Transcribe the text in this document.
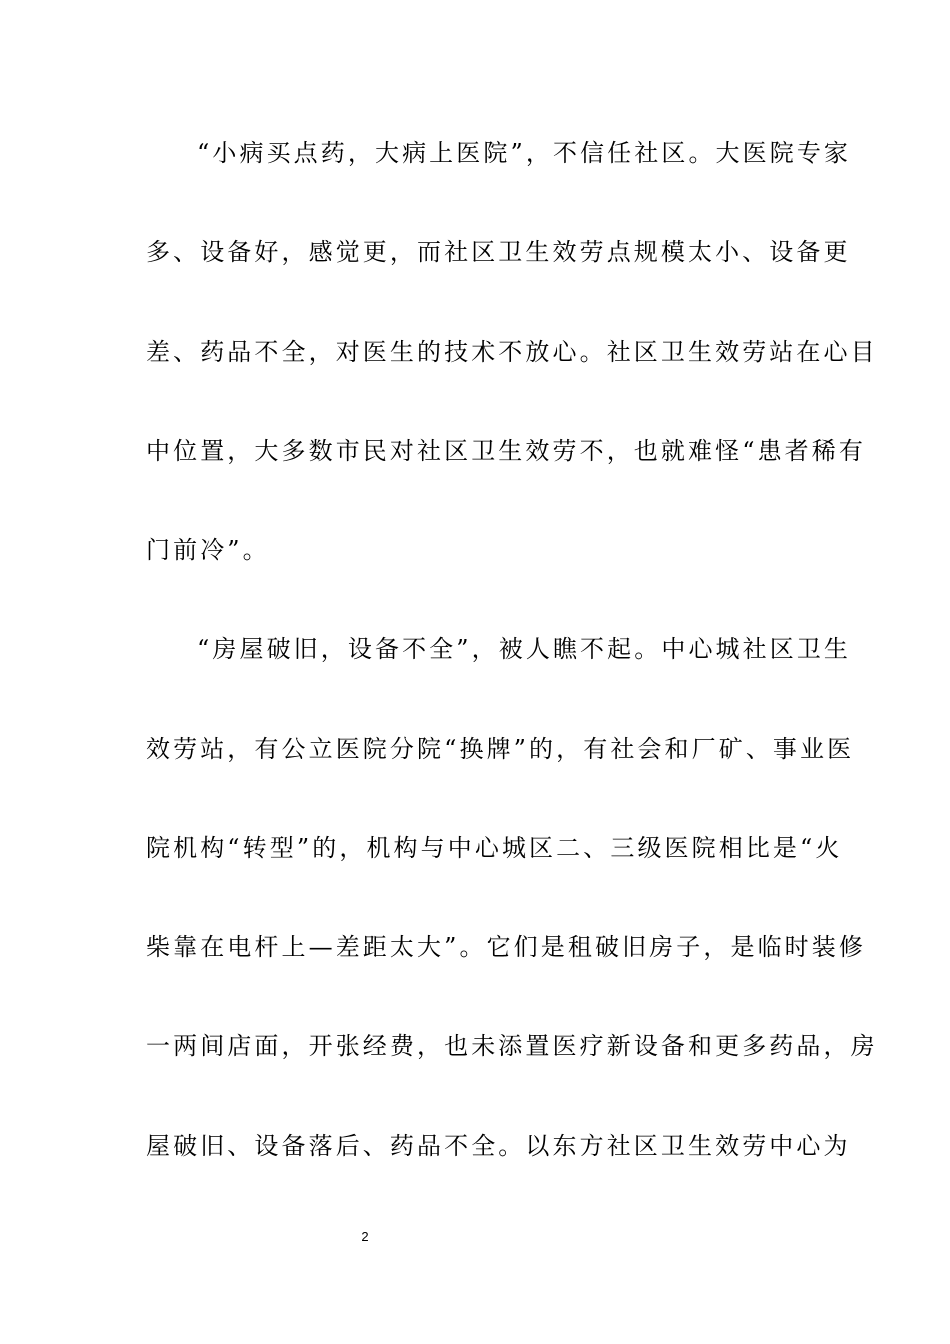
“小病买点药，大病上医院”，不信任社区。大医院专家
多、设备好，感觉更，而社区卫生效劳点规模太小、设备更
差、药品不全，对医生的技术不放心。社区卫生效劳站在心目
中位置，大多数市民对社区卫生效劳不，也就难怪“患者稀有
门前冷”。
“房屋破旧，设备不全”，被人瞧不起。中心城社区卫生
效劳站，有公立医院分院“换牌”的，有社会和厂矿、事业医
院机构“转型”的，机构与中心城区二、三级医院相比是“火
柴靠在电杆上—差距太大”。它们是租破旧房子，是临时装修
一两间店面，开张经费，也未添置医疗新设备和更多药品，房
屋破旧、设备落后、药品不全。以东方社区卫生效劳中心为
2
